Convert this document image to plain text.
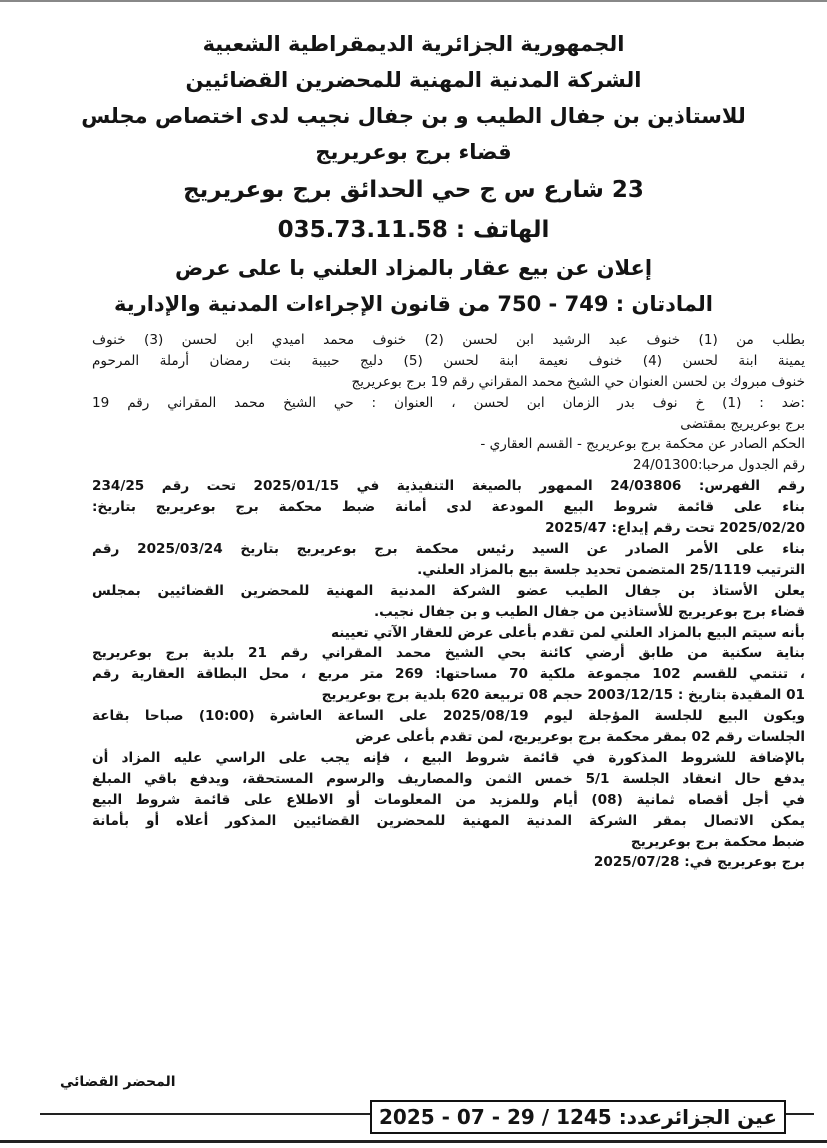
الجمهورية الجزائرية الديمقراطية الشعبية
الشركة المدنية المهنية للمحضرين القضائيين
للاستاذين بن جفال الطيب و بن جفال نجيب لدى اختصاص مجلس
قضاء برج بوعريريج
23 شارع س ج حي الحدائق برج بوعريريج
الهاتف : 035.73.11.58
إعلان عن بيع عقار بالمزاد العلني با على عرض
المادتان : 749 - 750 من قانون الإجراءات المدنية والإدارية
بطلب من (1) خنوف عبد الرشيد ابن لحسن (2) خنوف محمد اميدي ابن لحسن (3) خنوف
يمينة ابنة لحسن (4) خنوف نعيمة ابنة لحسن (5) دليج حبيبة بنت رمضان أرملة المرحوم
خنوف مبروك بن لحسن العنوان حي الشيخ محمد المقراني رقم 19 برج بوعريريج
:ضد : (1) خ نوف بدر الزمان ابن لحسن ، العنوان : حي الشيخ محمد المقراني رقم 19
برج بوعريريج بمقتضى
الحكم الصادر عن محكمة برج بوعريريج - القسم العقاري -
رقم الجدول مرحبا:24/01300
رقم الفهرس: 24/03806 الممهور بالصيغة التنفيذية في 2025/01/15 تحت رقم 234/25
بناء على قائمة شروط البيع المودعة لدى أمانة ضبط محكمة برج بوعريريج بتاريخ:
2025/02/20 تحت رقم إيداع: 2025/47
بناء على الأمر الصادر عن السيد رئيس محكمة برج بوعريريج بتاريخ 2025/03/24 رقم
الترتيب 25/1119 المتضمن تحديد جلسة بيع بالمزاد العلني.
يعلن الأستاذ بن جفال الطيب عضو الشركة المدنية المهنية للمحضرين القضائيين بمجلس
قضاء برج بوعريريج للأستاذين من جفال الطيب و بن جفال نجيب.
بأنه سيتم البيع بالمزاد العلني لمن تقدم بأعلى عرض للعقار الآتي تعيينه
بناية سكنية من طابق أرضي كائنة بحي الشيخ محمد المقراني رقم 21 بلدية برج بوعريريج
، تنتمي للقسم 102 مجموعة ملكية 70 مساحتها: 269 متر مربع ، محل البطاقة العقارية رقم
01 المقيدة بتاريخ : 2003/12/15 حجم 08 تربيعة 620 بلدية برج بوعريريج
ويكون البيع للجلسة المؤجلة ليوم 2025/08/19 على الساعة العاشرة (10:00) صباحا بقاعة
الجلسات رقم 02 بمقر محكمة برج بوعريريج، لمن تقدم بأعلى عرض
بالإضافة للشروط المذكورة في قائمة شروط البيع ، فإنه يجب على الراسي عليه المزاد أن
يدفع حال انعقاد الجلسة 5/1 خمس الثمن والمصاريف والرسوم المستحقة، ويدفع باقي المبلغ
في أجل أقصاه ثمانية (08) أيام وللمزيد من المعلومات أو الاطلاع على قائمة شروط البيع
يمكن الاتصال بمقر الشركة المدنية المهنية للمحضرين القضائيين المذكور أعلاه أو بأمانة
ضبط محكمة برج بوعريريج
برج بوعريريج في: 2025/07/28
المحضر القضائي
عين الجزائرعدد: 1245 / 29 - 07 - 2025
